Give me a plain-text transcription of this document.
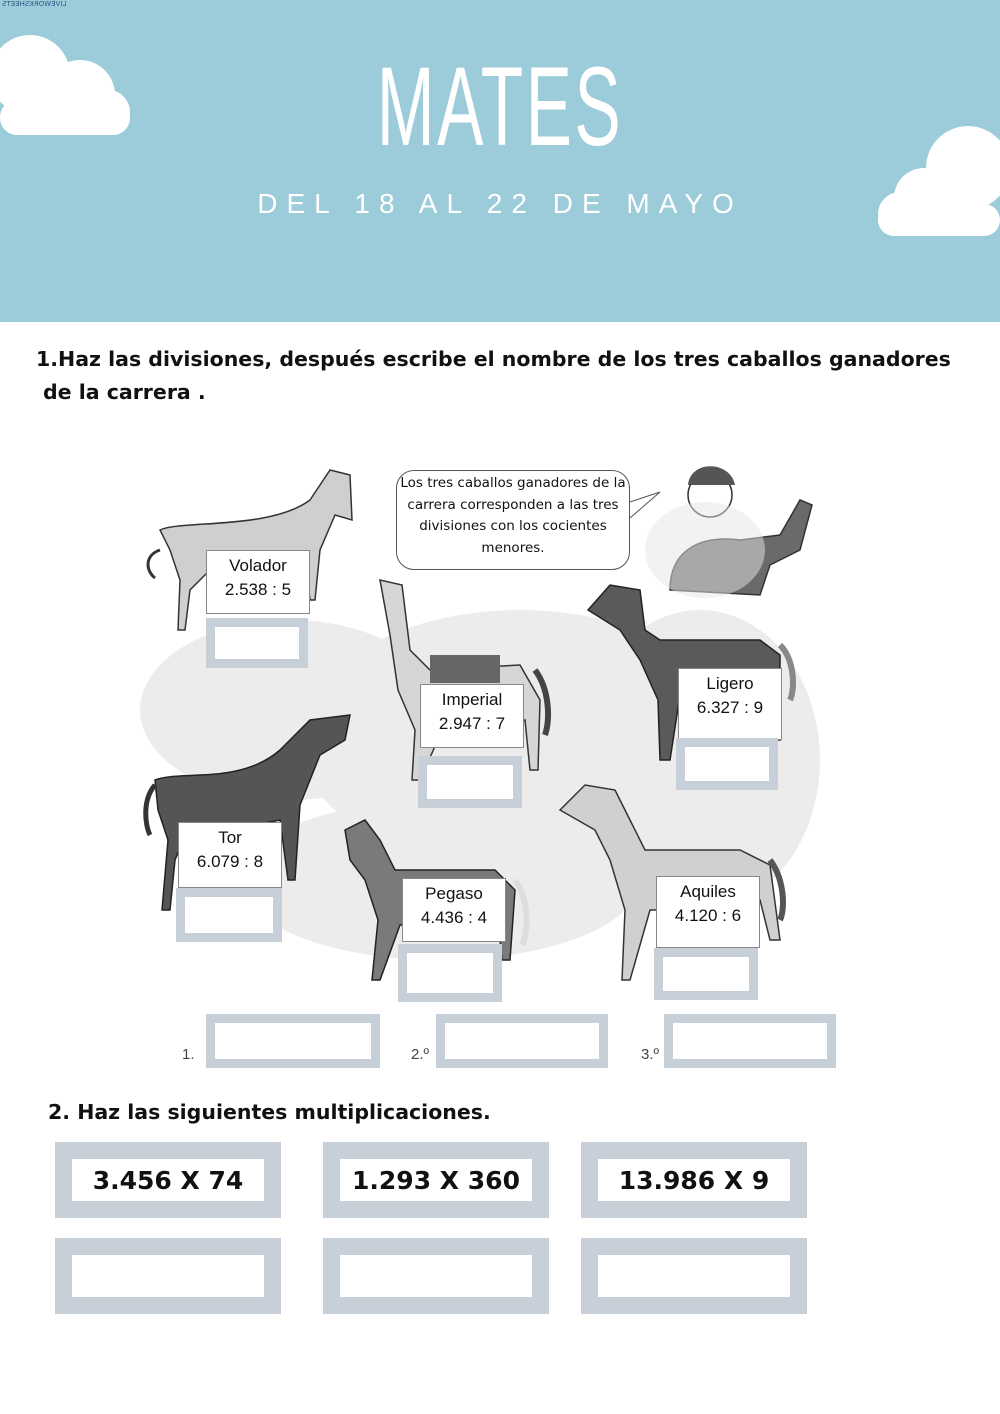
LIVEWORKSHEETS
MATES
DEL 18 AL 22 DE MAYO
1.Haz las divisiones, después escribe el nombre de los tres caballos ganadores
de la carrera .
Los tres caballos ganadores de la carrera corresponden a las tres divisiones con los cocientes menores.
Volador
2.538 : 5
Imperial
2.947 : 7
Ligero
6.327 : 9
Tor
6.079 : 8
Pegaso
4.436 : 4
Aquiles
4.120 : 6
1.	2.º	3.º
2. Haz las siguientes multiplicaciones.
3.456 X 74	1.293 X 360	13.986 X 9
